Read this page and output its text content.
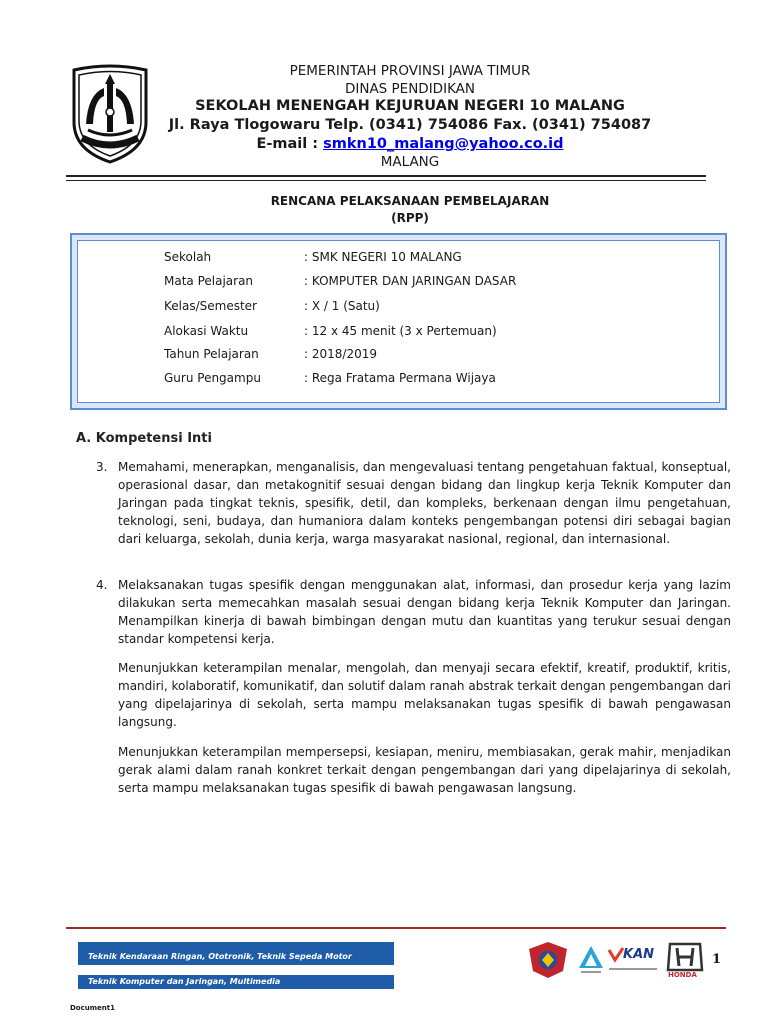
PEMERINTAH PROVINSI JAWA TIMUR
DINAS PENDIDIKAN
SEKOLAH MENENGAH KEJURUAN NEGERI 10 MALANG
Jl. Raya Tlogowaru Telp. (0341) 754086 Fax. (0341) 754087
E-mail : smkn10_malang@yahoo.co.id
MALANG
RENCANA PELAKSANAAN PEMBELAJARAN
(RPP)
Sekolah	: SMK NEGERI 10 MALANG
Mata Pelajaran	: KOMPUTER DAN JARINGAN DASAR
Kelas/Semester	: X / 1 (Satu)
Alokasi Waktu	: 12 x 45 menit (3 x Pertemuan)
Tahun Pelajaran	: 2018/2019
Guru Pengampu	: Rega Fratama Permana Wijaya
A. Kompetensi Inti
3. Memahami, menerapkan, menganalisis, dan mengevaluasi tentang pengetahuan faktual, konseptual, operasional dasar, dan metakognitif sesuai dengan bidang dan lingkup kerja Teknik Komputer dan Jaringan pada tingkat teknis, spesifik, detil, dan kompleks, berkenaan dengan ilmu pengetahuan, teknologi, seni, budaya, dan humaniora dalam konteks pengembangan potensi diri sebagai bagian dari keluarga, sekolah, dunia kerja, warga masyarakat nasional, regional, dan internasional.
4. Melaksanakan tugas spesifik dengan menggunakan alat, informasi, dan prosedur kerja yang lazim dilakukan serta memecahkan masalah sesuai dengan bidang kerja Teknik Komputer dan Jaringan. Menampilkan kinerja di bawah bimbingan dengan mutu dan kuantitas yang terukur sesuai dengan standar kompetensi kerja.
Menunjukkan keterampilan menalar, mengolah, dan menyaji secara efektif, kreatif, produktif, kritis, mandiri, kolaboratif, komunikatif, dan solutif dalam ranah abstrak terkait dengan pengembangan dari yang dipelajarinya di sekolah, serta mampu melaksanakan tugas spesifik di bawah pengawasan langsung.
Menunjukkan keterampilan mempersepsi, kesiapan, meniru, membiasakan, gerak mahir, menjadikan gerak alami dalam ranah konkret terkait dengan pengembangan dari yang dipelajarinya di sekolah, serta mampu melaksanakan tugas spesifik di bawah pengawasan langsung.
Teknik Kendaraan Ringan, Ototronik, Teknik Sepeda Motor
Teknik Komputer dan Jaringan, Multimedia
KAN
HONDA
1
Document1
